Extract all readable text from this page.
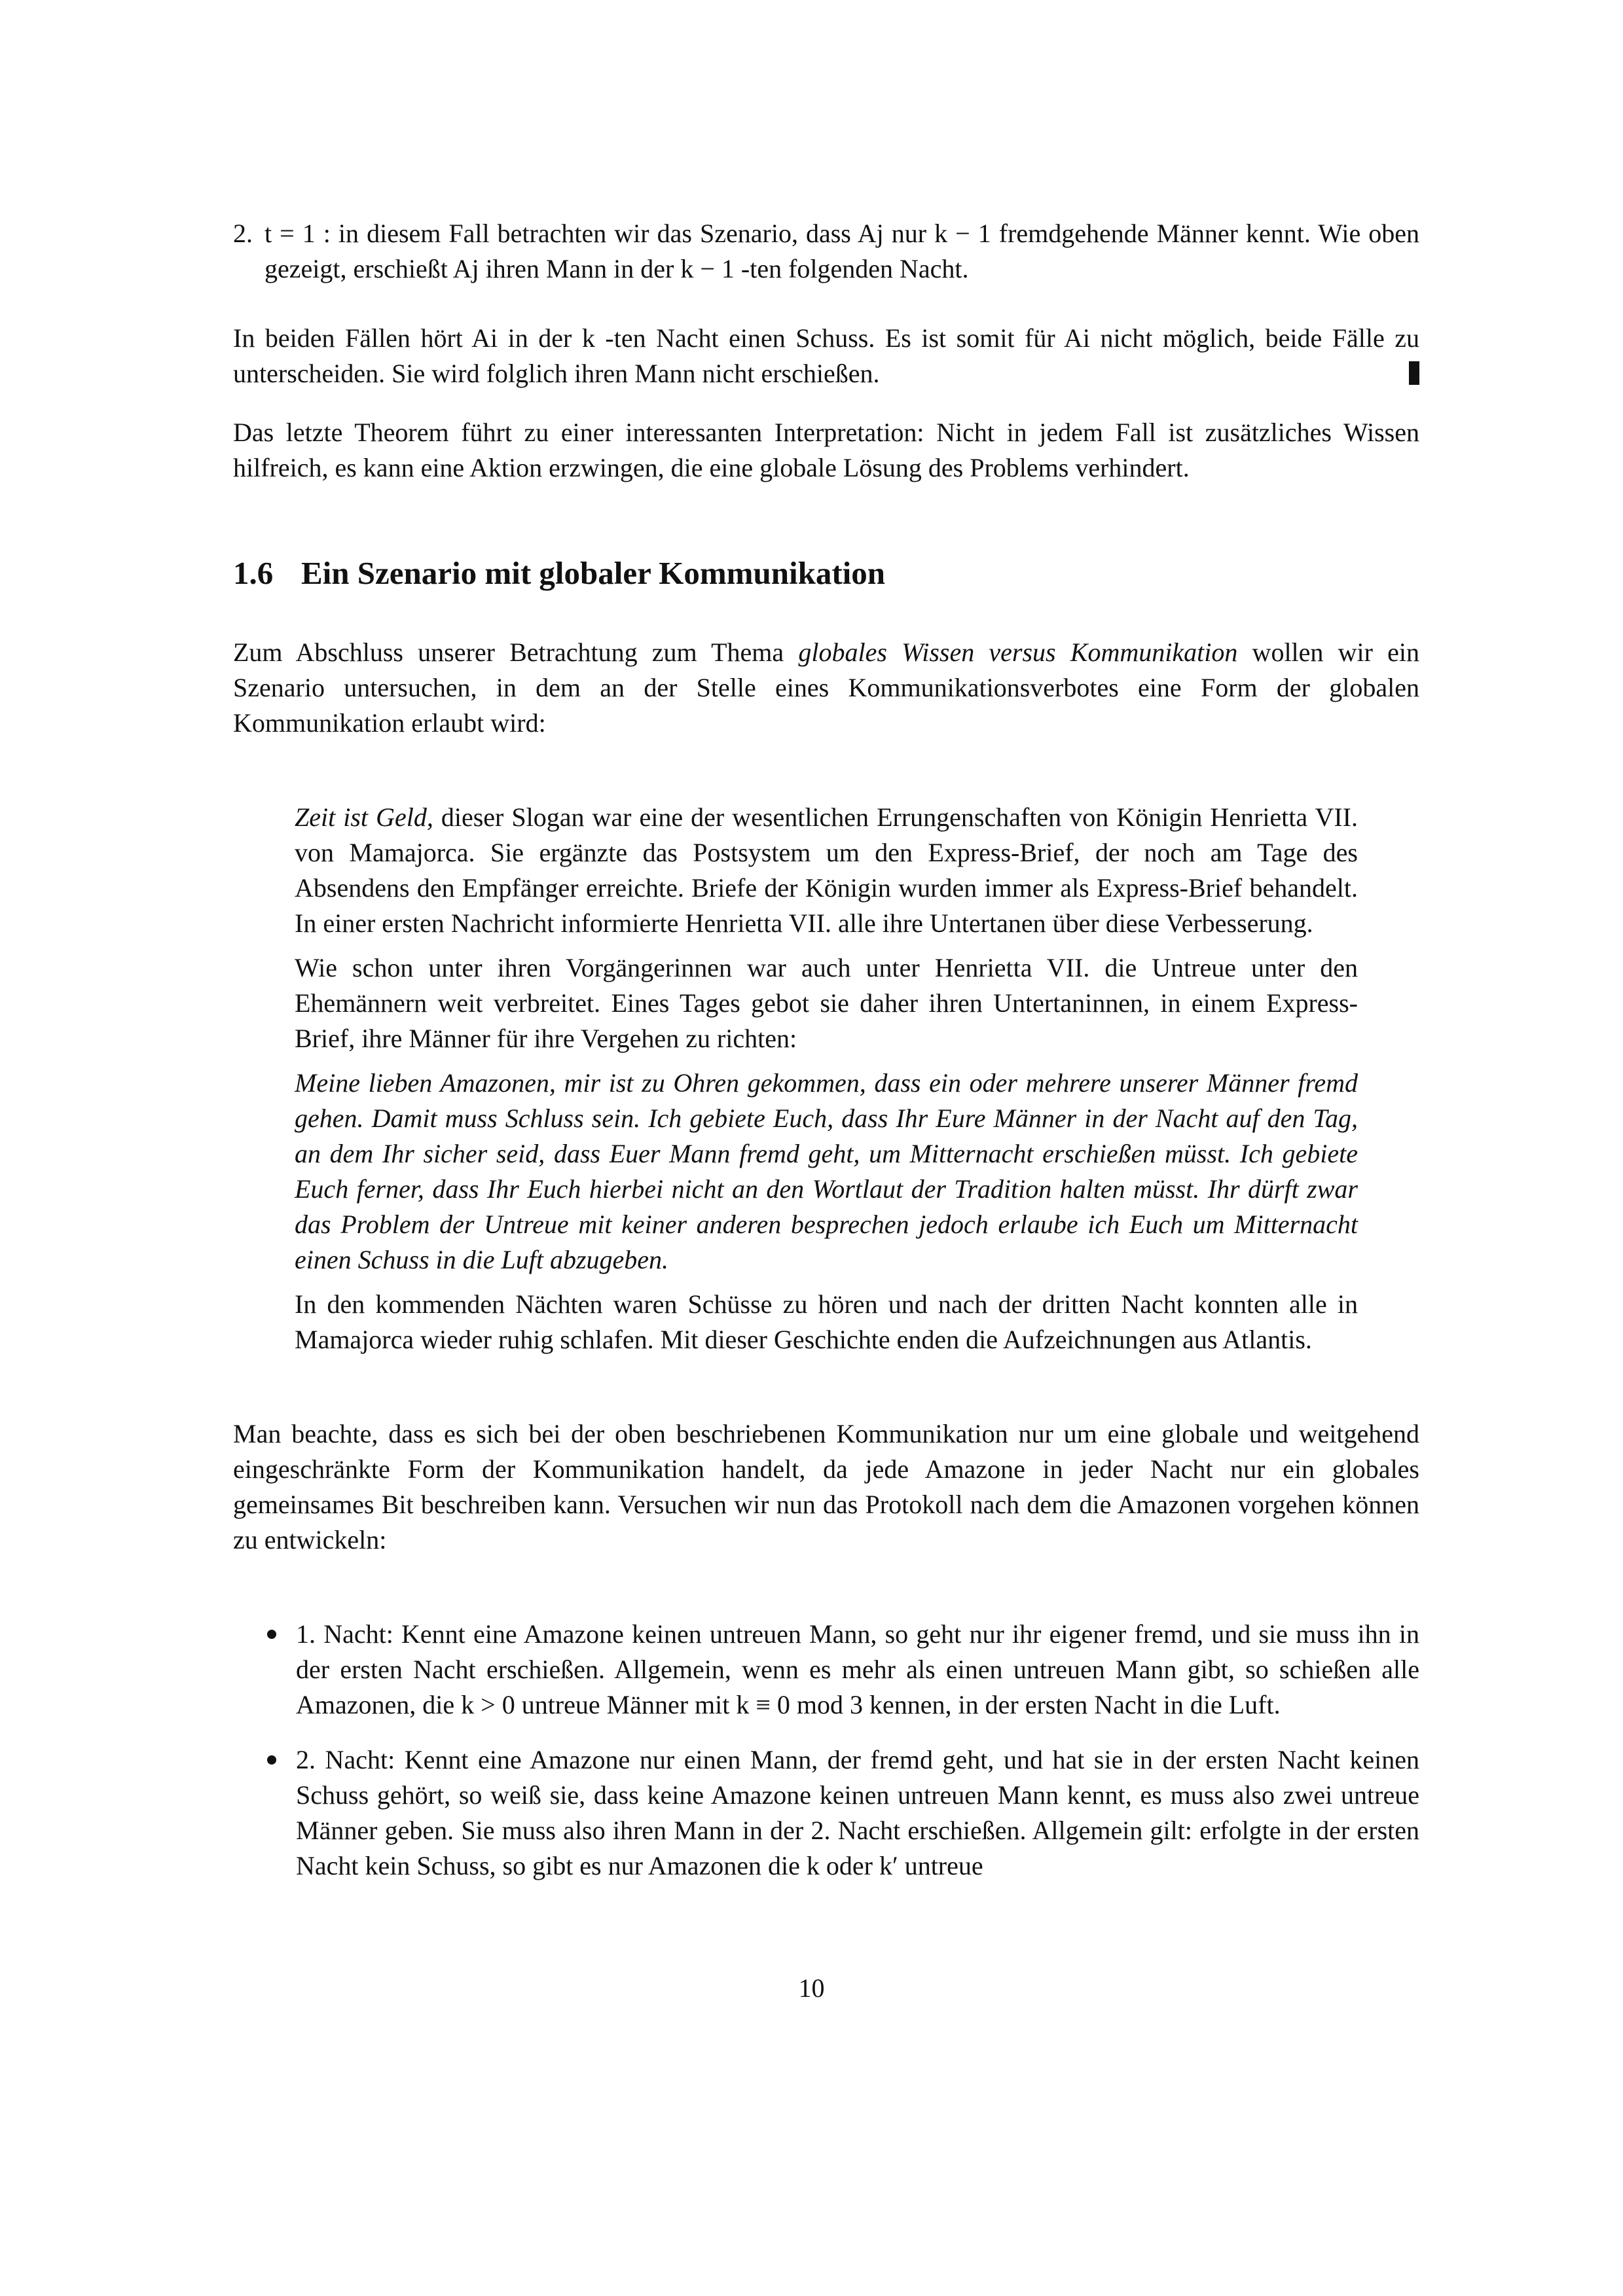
2. t = 1 : in diesem Fall betrachten wir das Szenario, dass Aj nur k − 1 fremdgehende Männer kennt. Wie oben gezeigt, erschießt Aj ihren Mann in der k − 1 -ten folgenden Nacht.

In beiden Fällen hört Ai in der k -ten Nacht einen Schuss. Es ist somit für Ai nicht möglich, beide Fälle zu unterscheiden. Sie wird folglich ihren Mann nicht erschießen.

Das letzte Theorem führt zu einer interessanten Interpretation: Nicht in jedem Fall ist zusätzliches Wissen hilfreich, es kann eine Aktion erzwingen, die eine globale Lösung des Problems verhindert.

1.6 Ein Szenario mit globaler Kommunikation

Zum Abschluss unserer Betrachtung zum Thema globales Wissen versus Kommunikation wollen wir ein Szenario untersuchen, in dem an der Stelle eines Kommunikationsverbotes eine Form der globalen Kommunikation erlaubt wird:

Zeit ist Geld, dieser Slogan war eine der wesentlichen Errungenschaften von Königin Henrietta VII. von Mamajorca. Sie ergänzte das Postsystem um den Express-Brief, der noch am Tage des Absendens den Empfänger erreichte. Briefe der Königin wurden immer als Express-Brief behandelt. In einer ersten Nachricht informierte Henrietta VII. alle ihre Untertanen über diese Verbesserung.

Wie schon unter ihren Vorgängerinnen war auch unter Henrietta VII. die Untreue unter den Ehemännern weit verbreitet. Eines Tages gebot sie daher ihren Untertaninnen, in einem Express-Brief, ihre Männer für ihre Vergehen zu richten:

Meine lieben Amazonen, mir ist zu Ohren gekommen, dass ein oder mehrere unserer Männer fremd gehen. Damit muss Schluss sein. Ich gebiete Euch, dass Ihr Eure Männer in der Nacht auf den Tag, an dem Ihr sicher seid, dass Euer Mann fremd geht, um Mitternacht erschießen müsst. Ich gebiete Euch ferner, dass Ihr Euch hierbei nicht an den Wortlaut der Tradition halten müsst. Ihr dürft zwar das Problem der Untreue mit keiner anderen besprechen jedoch erlaube ich Euch um Mitternacht einen Schuss in die Luft abzugeben.

In den kommenden Nächten waren Schüsse zu hören und nach der dritten Nacht konnten alle in Mamajorca wieder ruhig schlafen. Mit dieser Geschichte enden die Aufzeichnungen aus Atlantis.

Man beachte, dass es sich bei der oben beschriebenen Kommunikation nur um eine globale und weitgehend eingeschränkte Form der Kommunikation handelt, da jede Amazone in jeder Nacht nur ein globales gemeinsames Bit beschreiben kann. Versuchen wir nun das Protokoll nach dem die Amazonen vorgehen können zu entwickeln:

1. Nacht: Kennt eine Amazone keinen untreuen Mann, so geht nur ihr eigener fremd, und sie muss ihn in der ersten Nacht erschießen. Allgemein, wenn es mehr als einen untreuen Mann gibt, so schießen alle Amazonen, die k > 0 untreue Männer mit k ≡ 0 mod 3 kennen, in der ersten Nacht in die Luft.

2. Nacht: Kennt eine Amazone nur einen Mann, der fremd geht, und hat sie in der ersten Nacht keinen Schuss gehört, so weiß sie, dass keine Amazone keinen untreuen Mann kennt, es muss also zwei untreue Männer geben. Sie muss also ihren Mann in der 2. Nacht erschießen. Allgemein gilt: erfolgte in der ersten Nacht kein Schuss, so gibt es nur Amazonen die k oder k′ untreue

10
